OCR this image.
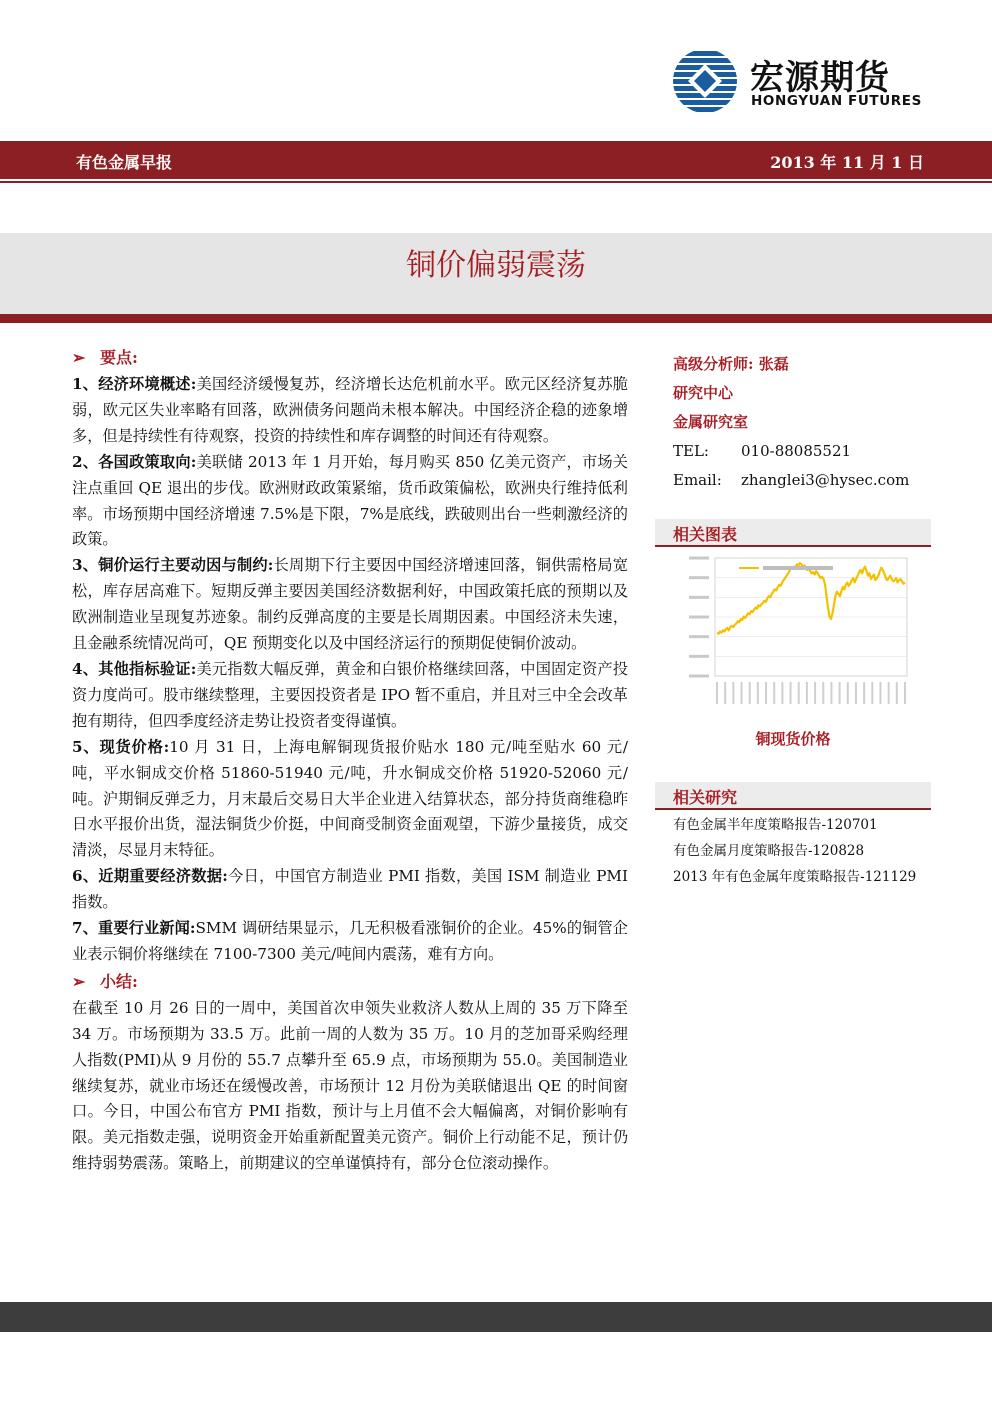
宏源期货
HONGYUAN FUTURES
有色金属早报	2013 年 11 月 1 日
铜价偏弱震荡
➢ 要点:

1、经济环境概述:美国经济缓慢复苏，经济增长达危机前水平。欧元区经济复苏脆弱，欧元区失业率略有回落，欧洲债务问题尚未根本解决。中国经济企稳的迹象增多，但是持续性有待观察，投资的持续性和库存调整的时间还有待观察。

2、各国政策取向:美联储 2013 年 1 月开始，每月购买 850 亿美元资产，市场关注点重回 QE 退出的步伐。欧洲财政政策紧缩，货币政策偏松，欧洲央行维持低利率。市场预期中国经济增速 7.5%是下限，7%是底线，跌破则出台一些刺激经济的政策。

3、铜价运行主要动因与制约:长周期下行主要因中国经济增速回落，铜供需格局宽松，库存居高难下。短期反弹主要因美国经济数据利好，中国政策托底的预期以及欧洲制造业呈现复苏迹象。制约反弹高度的主要是长周期因素。中国经济未失速，且金融系统情况尚可，QE 预期变化以及中国经济运行的预期促使铜价波动。

4、其他指标验证:美元指数大幅反弹，黄金和白银价格继续回落，中国固定资产投资力度尚可。股市继续整理，主要因投资者是 IPO 暂不重启，并且对三中全会改革抱有期待，但四季度经济走势让投资者变得谨慎。

5、现货价格:10 月 31 日，上海电解铜现货报价贴水 180 元/吨至贴水 60 元/吨，平水铜成交价格 51860-51940 元/吨，升水铜成交价格 51920-52060 元/吨。沪期铜反弹乏力，月末最后交易日大半企业进入结算状态，部分持货商维稳昨日水平报价出货，湿法铜货少价挺，中间商受制资金面观望，下游少量接货，成交清淡，尽显月末特征。

6、近期重要经济数据:今日，中国官方制造业 PMI 指数，美国 ISM 制造业 PMI 指数。

7、重要行业新闻:SMM 调研结果显示，几无积极看涨铜价的企业。45%的铜管企业表示铜价将继续在 7100-7300 美元/吨间内震荡，难有方向。

➢ 小结:

在截至 10 月 26 日的一周中，美国首次申领失业救济人数从上周的 35 万下降至 34 万。市场预期为 33.5 万。此前一周的人数为 35 万。10 月的芝加哥采购经理人指数(PMI)从 9 月份的 55.7 点攀升至 65.9 点，市场预期为 55.0。美国制造业继续复苏，就业市场还在缓慢改善，市场预计 12 月份为美联储退出 QE 的时间窗口。今日，中国公布官方 PMI 指数，预计与上月值不会大幅偏离，对铜价影响有限。美元指数走强，说明资金开始重新配置美元资产。铜价上行动能不足，预计仍维持弱势震荡。策略上，前期建议的空单谨慎持有，部分仓位滚动操作。

高级分析师: 张磊
研究中心
金属研究室
TEL:	010-88085521
Email:	zhanglei3@hysec.com
相关图表
铜现货价格
相关研究
有色金属半年度策略报告-120701
有色金属月度策略报告-120828
2013 年有色金属年度策略报告-121129
